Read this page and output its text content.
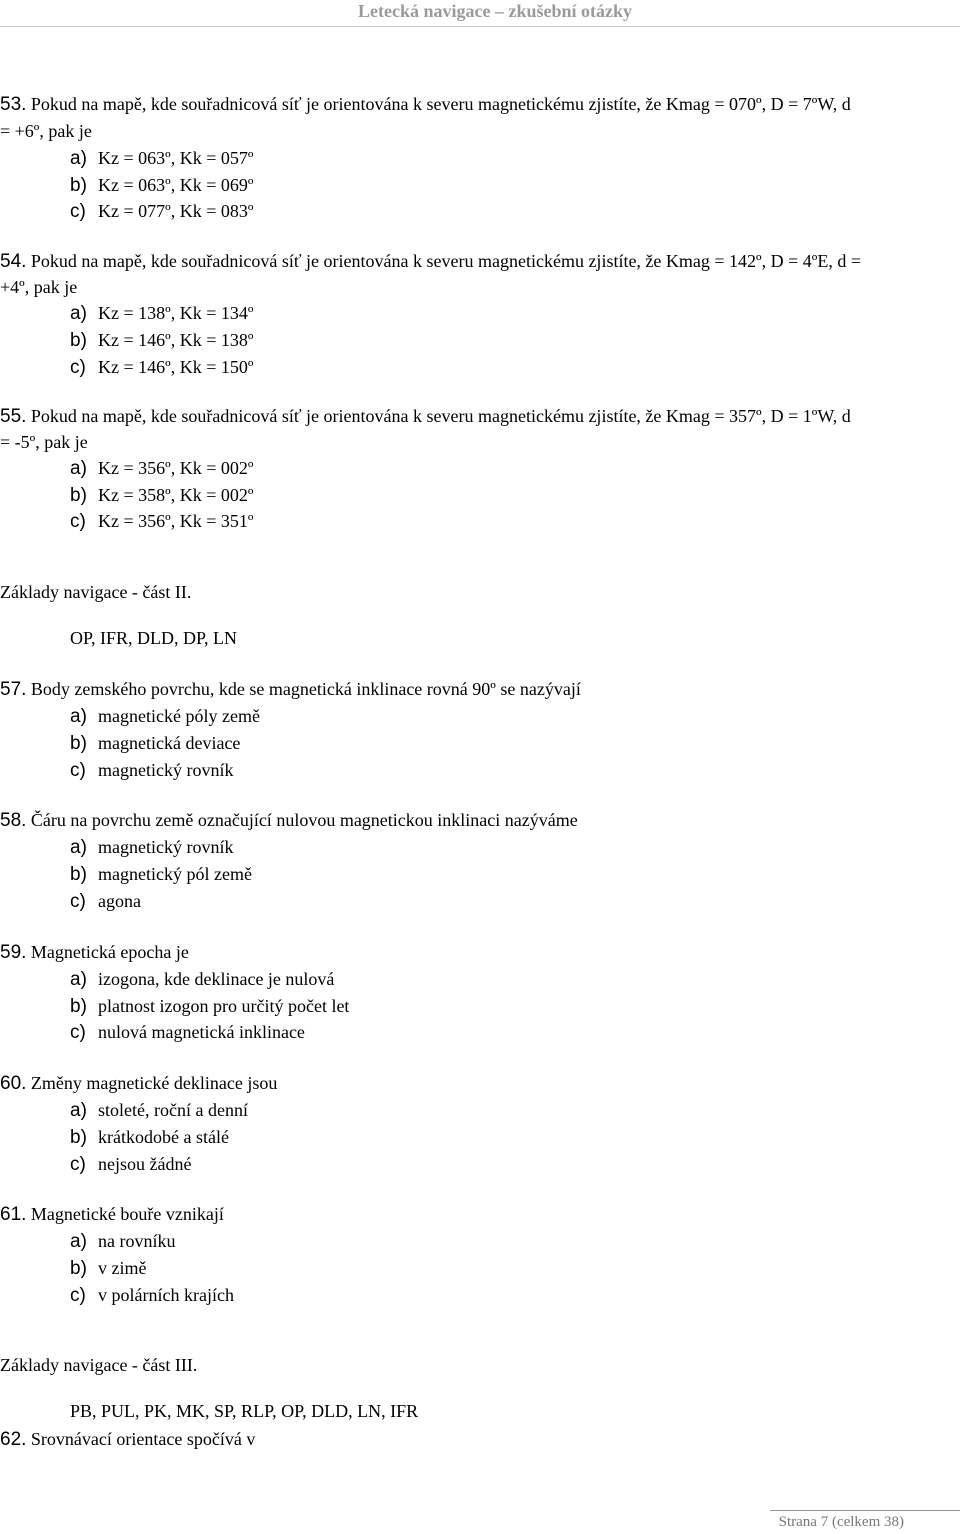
Letecká navigace – zkušební otázky
53. Pokud na mapě, kde souřadnicová síť je orientována k severu magnetickému zjistíte, že Kmag = 070º, D = 7ºW, d
= +6º, pak je
a) Kz = 063º, Kk = 057º
b) Kz = 063º, Kk = 069º
c) Kz = 077º, Kk = 083º
54. Pokud na mapě, kde souřadnicová síť je orientována k severu magnetickému zjistíte, že Kmag = 142º, D = 4ºE, d =
+4º, pak je
a) Kz = 138º, Kk = 134º
b) Kz = 146º, Kk = 138º
c) Kz = 146º, Kk = 150º
55. Pokud na mapě, kde souřadnicová síť je orientována k severu magnetickému zjistíte, že Kmag = 357º, D = 1ºW, d
= -5º, pak je
a) Kz = 356º, Kk = 002º
b) Kz = 358º, Kk = 002º
c) Kz = 356º, Kk = 351º
Základy navigace - část II.
OP, IFR, DLD, DP, LN
57. Body zemského povrchu, kde se magnetická inklinace rovná 90º se nazývají
a) magnetické póly země
b) magnetická deviace
c) magnetický rovník
58. Čáru na povrchu země označující nulovou magnetickou inklinaci nazýváme
a) magnetický rovník
b) magnetický pól země
c) agona
59. Magnetická epocha je
a) izogona, kde deklinace je nulová
b) platnost izogon pro určitý počet let
c) nulová magnetická inklinace
60. Změny magnetické deklinace jsou
a) stoleté, roční a denní
b) krátkodobé a stálé
c) nejsou žádné
61. Magnetické bouře vznikají
a) na rovníku
b) v zimě
c) v polárních krajích
Základy navigace - část III.
PB, PUL, PK, MK, SP, RLP, OP, DLD, LN, IFR
62. Srovnávací orientace spočívá v
Strana 7 (celkem 38)
